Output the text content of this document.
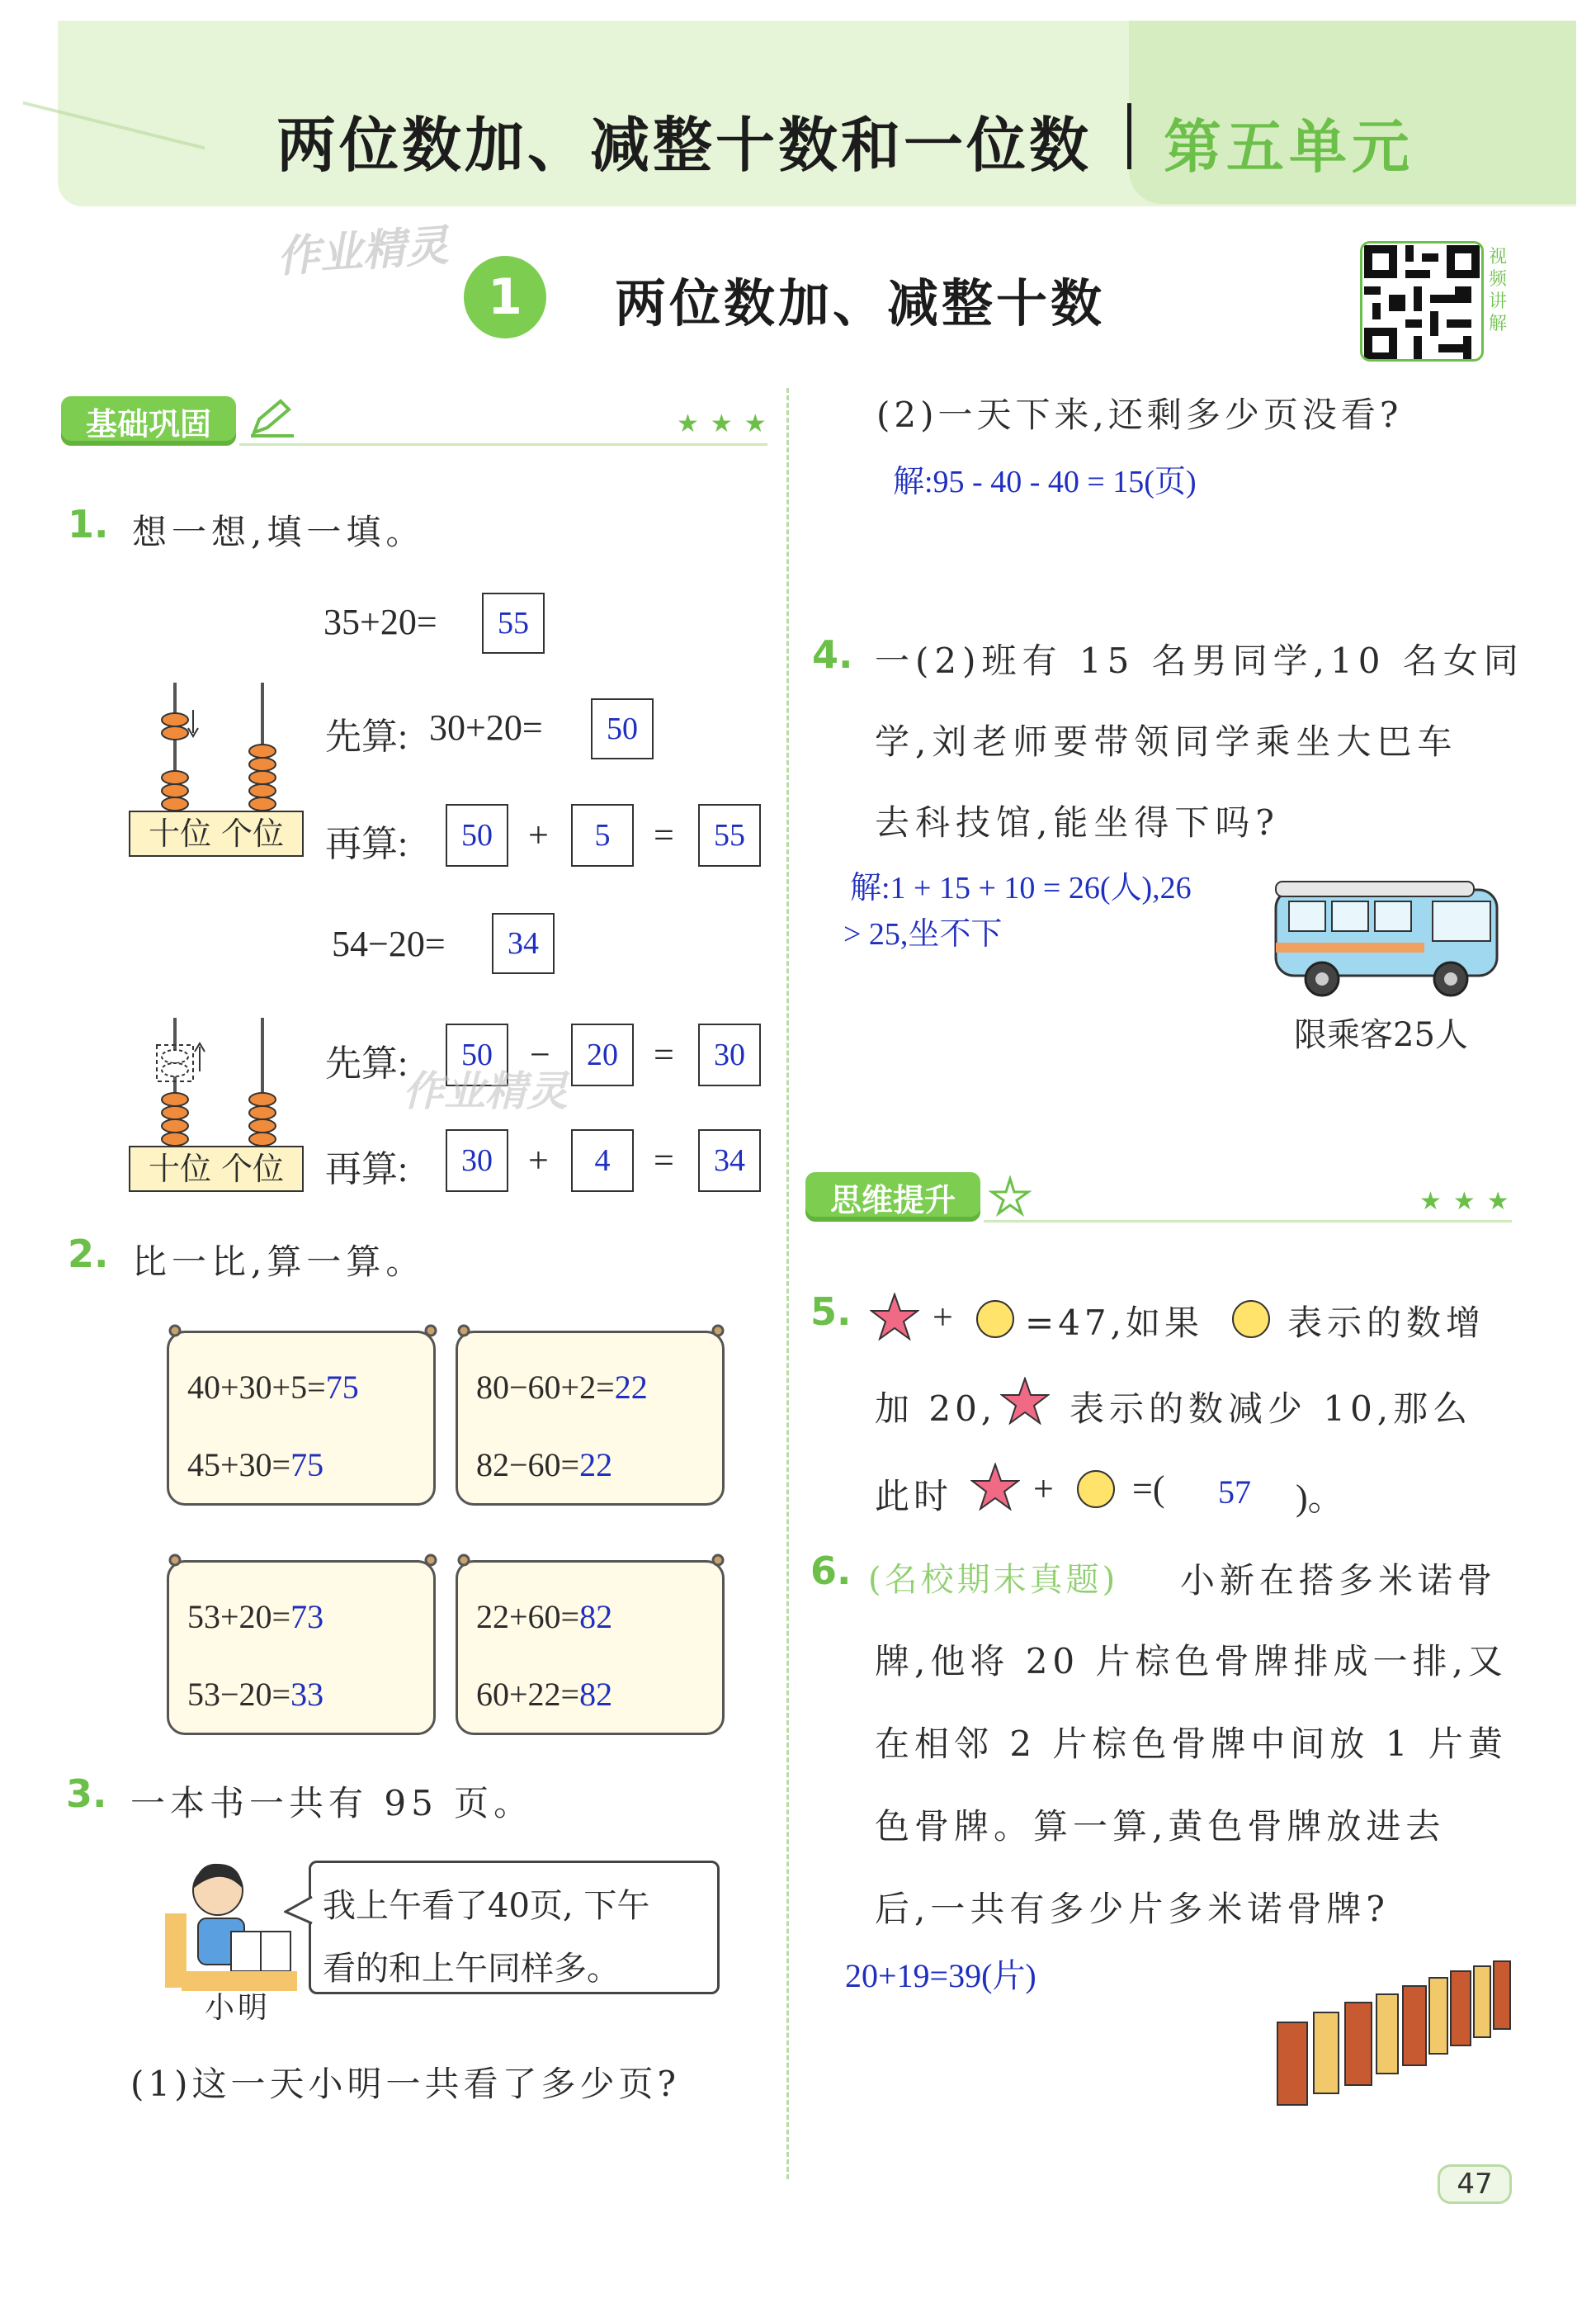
两位数加、减整十数和一位数 第五单元
作业精灵
1 两位数加、减整十数
视频讲解
基础巩固	★★★
1. 想一想,填一填。
35+20=	55
十位 个位
先算: 30+20=	50
再算:	50 +	5	=	55
54−20=	34
十位 个位
先算:	50	−	20 =	30
作业精灵
再算:	30 +	4	=	34
2. 比一比,算一算。
40+30+5=75
45+30=75
80−60+2=22
82−60=22
53+20=73
53−20=33
22+60=82
60+22=82
3. 一本书一共有 95 页。
小明
我上午看了40页, 下午
看的和上午同样多。
(1)这一天小明一共看了多少页?
(2)一天下来,还剩多少页没看?
解:95 - 40 - 40 = 15(页)
4. 一(2)班有 15 名男同学,10 名女同
学,刘老师要带领同学乘坐大巴车
去科技馆,能坐得下吗?
解:1 + 15 + 10 = 26(人),26
> 25,坐不下
限乘客25人
思维提升	★★★
5. + =47,如果 表示的数增
加 20, 表示的数减少 10,那么
此时 + =( 57 )。
6. (名校期末真题) 小新在搭多米诺骨
牌,他将 20 片棕色骨牌排成一排,又
在相邻 2 片棕色骨牌中间放 1 片黄
色骨牌。算一算,黄色骨牌放进去
后,一共有多少片多米诺骨牌?
20+19=39(片)
47
